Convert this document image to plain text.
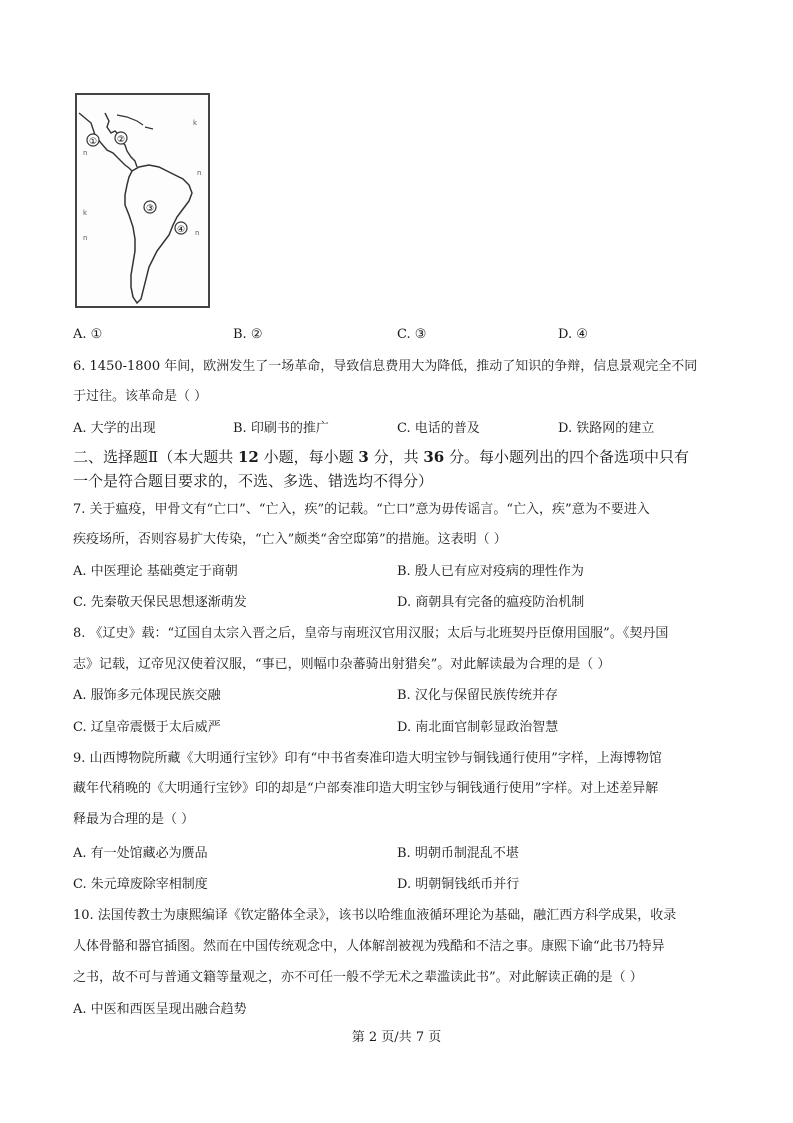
① ②
③
④
k
k
n
n
n
n
A. ①	B. ②	C. ③	D. ④
6. 1450-1800 年间，欧洲发生了一场革命，导致信息费用大为降低，推动了知识的争辩，信息景观完全不同
于过往。该革命是（ ）
A. 大学的出现	B. 印刷书的推广	C. 电话的普及	D. 铁路网的建立
二、选择题Ⅱ（本大题共 12 小题，每小题 3 分，共 36 分。每小题列出的四个备选项中只有
一个是符合题目要求的，不选、多选、错选均不得分）
7. 关于瘟疫，甲骨文有“亡口”、“亡入，疾”的记载。“亡口”意为毋传谣言。“亡入，疾”意为不要进入
疾疫场所，否则容易扩大传染，“亡入”颇类“舍空邸第”的措施。这表明（ ）
A. 中医理论 基础奠定于商朝	B. 殷人已有应对疫病的理性作为
C. 先秦敬天保民思想逐渐萌发	D. 商朝具有完备的瘟疫防治机制
8. 《辽史》载：“辽国自太宗入晋之后，皇帝与南班汉官用汉服；太后与北班契丹臣僚用国服”。《契丹国
志》记载，辽帝见汉使着汉服，“事已，则幅巾杂蕃骑出射猎矣”。对此解读最为合理的是（ ）
A. 服饰多元体现民族交融	B. 汉化与保留民族传统并存
C. 辽皇帝震慑于太后威严	D. 南北面官制彰显政治智慧
9. 山西博物院所藏《大明通行宝钞》印有“中书省奏准印造大明宝钞与铜钱通行使用”字样，上海博物馆
藏年代稍晚的《大明通行宝钞》印的却是“户部奏准印造大明宝钞与铜钱通行使用”字样。对上述差异解
释最为合理的是（ ）
A. 有一处馆藏必为赝品	B. 明朝币制混乱不堪
C. 朱元璋废除宰相制度	D. 明朝铜钱纸币并行
10. 法国传教士为康熙编译《钦定骼体全录》，该书以哈维血液循环理论为基础，融汇西方科学成果，收录
人体骨骼和器官插图。然而在中国传统观念中，人体解剖被视为残酷和不洁之事。康熙下谕“此书乃特异
之书，故不可与普通文籍等量观之，亦不可任一般不学无术之辈滥读此书”。对此解读正确的是（ ）
A. 中医和西医呈现出融合趋势
第 2 页/共 7 页
